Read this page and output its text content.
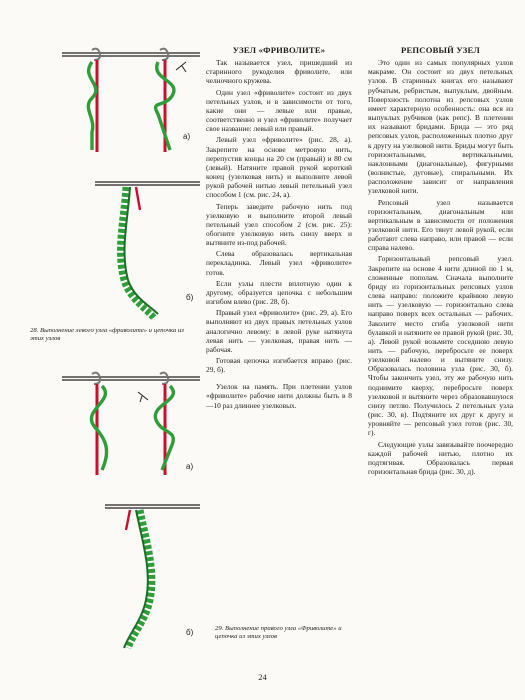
а)
б)
а)
б)
28. Выполнение левого узла «фриволите» и цепочка из этих узлов
29. Выполнение правого узла «Фриволите» и цепочка из этих узлов
УЗЕЛ «ФРИВОЛИТЕ»

Так называется узел, пришедший из старинного рукоделия фриволите, или челночного кружева.

Один узел «фриволите» состоит из двух петельных узлов, и в зависимости от того, какие они — левые или правые, соответственно и узел «фриволите» получает свое название: левый или правый.

Левый узел «фриволите» (рис. 28, а). Закрепите на основе метровую нить, перепустив концы на 20 см (правый) и 80 см (левый). Натяните правой рукой короткий конец (узелковая нить) и выполните левой рукой рабочей нитью левый петельный узел способом 1 (см. рис. 24, а).

Теперь заведите рабочую нить под узелковую и выполните второй левый петельный узел способом 2 (см. рис. 25): обогните узелковую нить снизу вверх и вытяните из-под рабочей.

Слева образовалась вертикальная перекладинка. Левый узел «фриволите» готов.

Если узлы плести вплотную один к другому, образуется цепочка с небольшим изгибом влево (рис. 28, б).

Правый узел «фриволите» (рис. 29, а). Его выполняют из двух правых петельных узлов аналогично левому: в левой руке натянута левая нить — узелковая, правая нить — рабочая.

Готовая цепочка изгибается вправо (рис. 29, б).

Узелок на память. При плетении узлов «фриволите» рабочие нити должны быть в 8—10 раз длиннее узелковых.

РЕПСОВЫЙ УЗЕЛ

Это один из самых популярных узлов макраме. Он состоит из двух петельных узлов. В старинных книгах его называют рубчатым, ребристым, выпуклым, двойным. Поверхность полотна из репсовых узлов имеет характерную особенность: она вся из выпуклых рубчиков (как репс). В плетении их называют бридами. Брида — это ряд репсовых узлов, расположенных плотно друг к другу на узелковой нити. Бриды могут быть горизонтальными, вертикальными, наклонными (диагональные), фигурными (волнистые, дуговые), спиральными. Их расположение зависит от направления узелковой нити.

Репсовый узел называется горизонтальным, диагональным или вертикальным в зависимости от положения узелковой нити. Его тянут левой рукой, если работают слева направо, или правой — если справа налево.

Горизонтальный репсовый узел. Закрепите на основе 4 нити длиной по 1 м, сложенные пополам. Сначала выполните бриду из горизонтальных репсовых узлов слева направо: положите крайнюю левую нить — узелковую — горизонтально слева направо поверх всех остальных — рабочих. Заколите место сгиба узелковой нити булавкой и натяните ее правой рукой (рис. 30, а). Левой рукой возьмите соседнюю левую нить — рабочую, перебросьте ее поверх узелковой налево и вытяните снизу. Образовалась половина узла (рис. 30, б). Чтобы закончить узел, эту же рабочую нить поднимите кверху, перебросьте поверх узелковой и вытяните через образовавшуюся снизу петлю. Получилось 2 петельных узла (рис. 30, в). Подтяните их друг к другу и уровняйте — репсовый узел готов (рис. 30, г).

Следующие узлы завязывайте поочередно каждой рабочей нитью, плотно их подтягивая. Образовалась первая горизонтальная брида (рис. 30, д).

24
